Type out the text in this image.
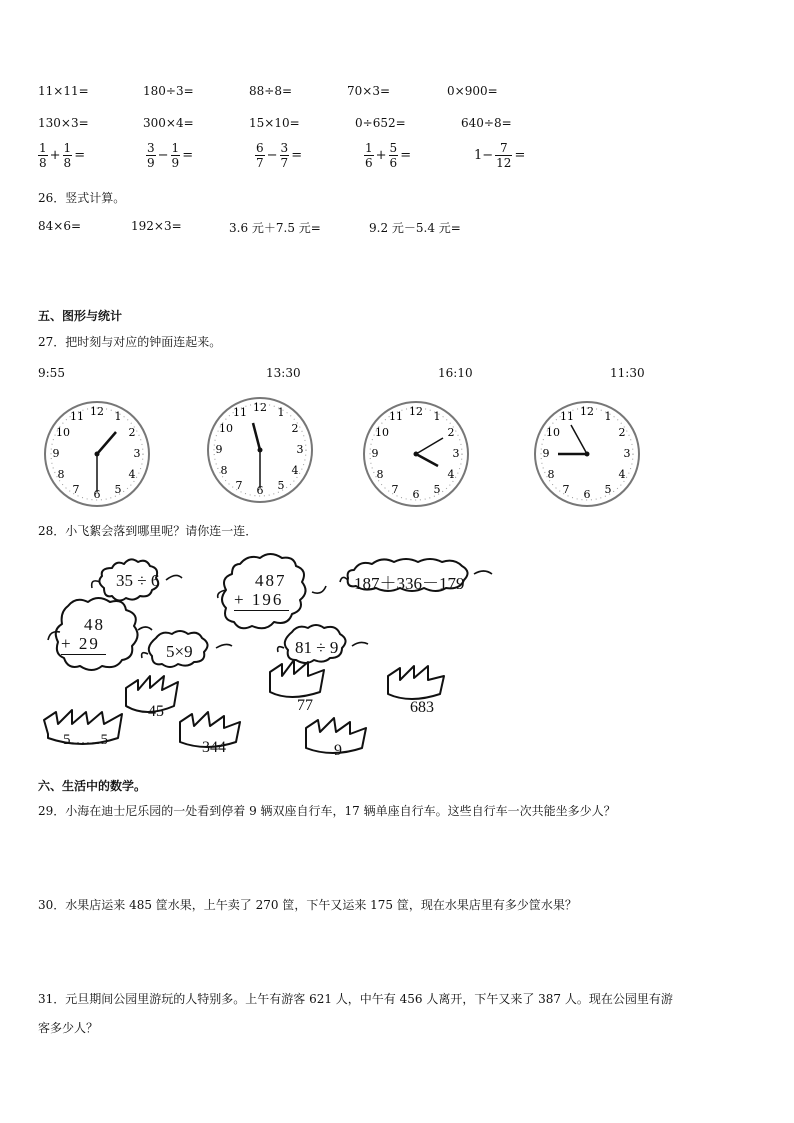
11×11=	180÷3=	88÷8=	70×3=	0×900=
130×3=	300×4=	15×10=	0÷652=	640÷8=
$\frac{1}{8} + \frac{1}{8}$ =	$\frac{3}{9} - \frac{1}{9}$ =	$\frac{6}{7} - \frac{3}{7}$ =	$\frac{1}{6} + \frac{5}{6}$ =	$1- \frac{7}{12}$ =
26．竖式计算。
84×6=	192×3=	3.6 元＋7.5 元=	9.2 元－5.4 元=
五、图形与统计
27．把时刻与对应的钟面连起来。
9:55	13:30	16:10	11:30
12 1
2
3
4
5
6
7
8
9
10
11
12 1
2
3
4
5
6
7
8
9
10
11	12 1
2
3
4
5
6
7
8
9
10
11	12 1
2
3
4
5
6
7
8
9
10
11
28．小飞絮会落到哪里呢？请你连一连．
35 ÷ 6	487
+ 196
187＋336－179
48
+ 29	5×9	81 ÷ 9
45	77	683
5……5	344	9
六、生活中的数学。
29．小海在迪士尼乐园的一处看到停着 9 辆双座自行车，17 辆单座自行车。这些自行车一次共能坐多少人？
30．水果店运来 485 筐水果，上午卖了 270 筐，下午又运来 175 筐，现在水果店里有多少筐水果？
31．元旦期间公园里游玩的人特别多。上午有游客 621 人，中午有 456 人离开，下午又来了 387 人。现在公园里有游
客多少人？
